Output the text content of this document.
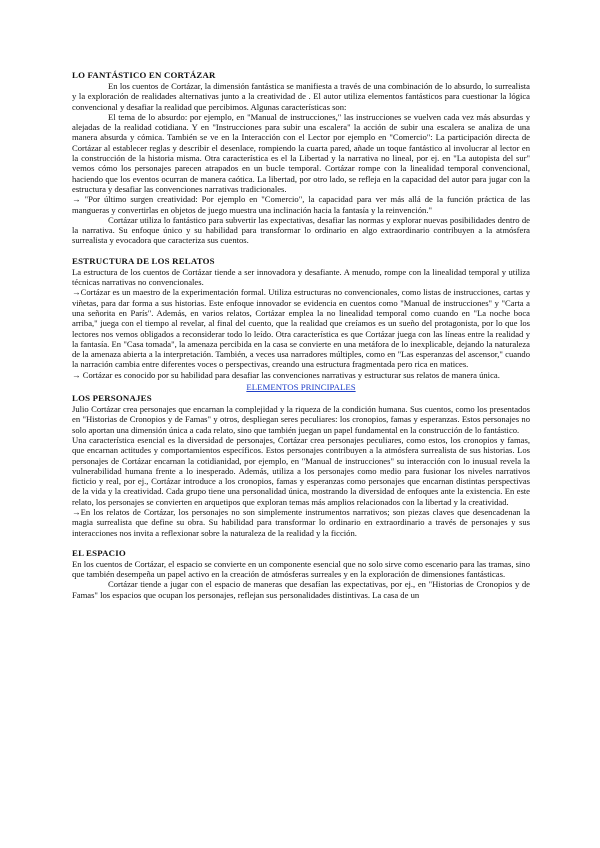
LO FANTÁSTICO EN CORTÁZAR

En los cuentos de Cortázar, la dimensión fantástica se manifiesta a través de una combinación de lo absurdo, lo surrealista y la exploración de realidades alternativas junto a la creatividad de . El autor utiliza elementos fantásticos para cuestionar la lógica convencional y desafiar la realidad que percibimos. Algunas características son:

El tema de lo absurdo: por ejemplo, en "Manual de instrucciones," las instrucciones se vuelven cada vez más absurdas y alejadas de la realidad cotidiana. Y en "Instrucciones para subir una escalera" la acción de subir una escalera se analiza de una manera absurda y cómica. También se ve en la Interacción con el Lector por ejemplo en "Comercio": La participación directa de Cortázar al establecer reglas y describir el desenlace, rompiendo la cuarta pared, añade un toque fantástico al involucrar al lector en la construcción de la historia misma. Otra característica es el la Libertad y la narrativa no lineal, por ej. en "La autopista del sur" vemos cómo los personajes parecen atrapados en un bucle temporal. Cortázar rompe con la linealidad temporal convencional, haciendo que los eventos ocurran de manera caótica. La libertad, por otro lado, se refleja en la capacidad del autor para jugar con la estructura y desafiar las convenciones narrativas tradicionales.

→ "Por último surgen creatividad: Por ejemplo en "Comercio", la capacidad para ver más allá de la función práctica de las mangueras y convertirlas en objetos de juego muestra una inclinación hacia la fantasía y la reinvención."

Cortázar utiliza lo fantástico para subvertir las expectativas, desafiar las normas y explorar nuevas posibilidades dentro de la narrativa. Su enfoque único y su habilidad para transformar lo ordinario en algo extraordinario contribuyen a la atmósfera surrealista y evocadora que caracteriza sus cuentos.

ESTRUCTURA DE LOS RELATOS

La estructura de los cuentos de Cortázar tiende a ser innovadora y desafiante. A menudo, rompe con la linealidad temporal y utiliza técnicas narrativas no convencionales.

→Cortázar es un maestro de la experimentación formal. Utiliza estructuras no convencionales, como listas de instrucciones, cartas y viñetas, para dar forma a sus historias. Este enfoque innovador se evidencia en cuentos como "Manual de instrucciones" y "Carta a una señorita en París". Además, en varios relatos, Cortázar emplea la no linealidad temporal como cuando en "La noche boca arriba," juega con el tiempo al revelar, al final del cuento, que la realidad que creíamos es un sueño del protagonista, por lo que los lectores nos vemos obligados a reconsiderar todo lo leído. Otra característica es que Cortázar juega con las líneas entre la realidad y la fantasía. En "Casa tomada", la amenaza percibida en la casa se convierte en una metáfora de lo inexplicable, dejando la naturaleza de la amenaza abierta a la interpretación. También, a veces usa narradores múltiples, como en "Las esperanzas del ascensor," cuando la narración cambia entre diferentes voces o perspectivas, creando una estructura fragmentada pero rica en matices.

→ Cortázar es conocido por su habilidad para desafiar las convenciones narrativas y estructurar sus relatos de manera única.

ELEMENTOS PRINCIPALES
LOS PERSONAJES

Julio Cortázar crea personajes que encarnan la complejidad y la riqueza de la condición humana. Sus cuentos, como los presentados en "Historias de Cronopios y de Famas" y otros, despliegan seres peculiares: los cronopios, famas y esperanzas. Estos personajes no solo aportan una dimensión única a cada relato, sino que también juegan un papel fundamental en la construcción de lo fantástico.

Una característica esencial es la diversidad de personajes, Cortázar crea personajes peculiares, como estos, los cronopios y famas, que encarnan actitudes y comportamientos específicos. Estos personajes contribuyen a la atmósfera surrealista de sus historias. Los personajes de Cortázar encarnan la cotidianidad, por ejemplo, en "Manual de instrucciones" su interacción con lo inusual revela la vulnerabilidad humana frente a lo inesperado. Además, utiliza a los personajes como medio para fusionar los niveles narrativos ficticio y real, por ej., Cortázar introduce a los cronopios, famas y esperanzas como personajes que encarnan distintas perspectivas de la vida y la creatividad. Cada grupo tiene una personalidad única, mostrando la diversidad de enfoques ante la existencia. En este relato, los personajes se convierten en arquetipos que exploran temas más amplios relacionados con la libertad y la creatividad.

→En los relatos de Cortázar, los personajes no son simplemente instrumentos narrativos; son piezas claves que desencadenan la magia surrealista que define su obra. Su habilidad para transformar lo ordinario en extraordinario a través de personajes y sus interacciones nos invita a reflexionar sobre la naturaleza de la realidad y la ficción.

EL ESPACIO

En los cuentos de Cortázar, el espacio se convierte en un componente esencial que no solo sirve como escenario para las tramas, sino que también desempeña un papel activo en la creación de atmósferas surreales y en la exploración de dimensiones fantásticas.

Cortázar tiende a jugar con el espacio de maneras que desafían las expectativas, por ej., en "Historias de Cronopios y de Famas" los espacios que ocupan los personajes, reflejan sus personalidades distintivas. La casa de un
